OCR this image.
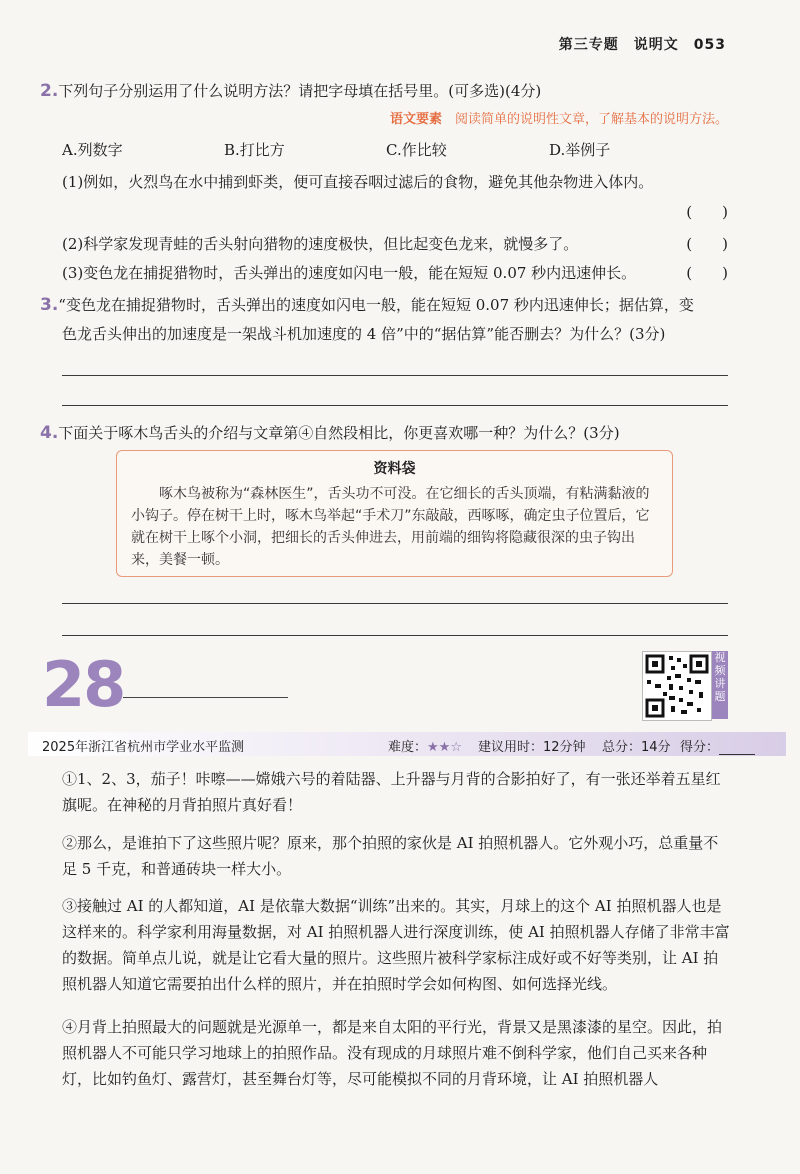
第三专题　说明文　053
2.下列句子分别运用了什么说明方法？请把字母填在括号里。(可多选)(4分)
语文要素　 阅读简单的说明性文章，了解基本的说明方法。
A.列数字	B.打比方	C.作比较	D.举例子
(1)例如，火烈鸟在水中捕到虾类，便可直接吞咽过滤后的食物，避免其他杂物进入体内。
(　　)
(2)科学家发现青蛙的舌头射向猎物的速度极快，但比起变色龙来，就慢多了。	(　　)
(3)变色龙在捕捉猎物时，舌头弹出的速度如闪电一般，能在短短 0.07 秒内迅速伸长。	(　　)
3.“变色龙在捕捉猎物时，舌头弹出的速度如闪电一般，能在短短 0.07 秒内迅速伸长；据估算，变
色龙舌头伸出的加速度是一架战斗机加速度的 4 倍”中的“据估算”能否删去？为什么？(3分)
4.下面关于啄木鸟舌头的介绍与文章第④自然段相比，你更喜欢哪一种？为什么？(3分)
资料袋
啄木鸟被称为“森林医生”，舌头功不可没。在它细长的舌头顶端，有粘满黏液的小钩子。停在树干上时，啄木鸟举起“手术刀”东敲敲，西啄啄，确定虫子位置后，它就在树干上啄个小洞，把细长的舌头伸进去，用前端的细钩将隐藏很深的虫子钩出来，美餐一顿。
28	视频讲题
2025年浙江省杭州市学业水平监测	难度：★★☆ 建议用时：12分钟 总分：14分 得分：
①1、2、3，茄子！咔嚓——嫦娥六号的着陆器、上升器与月背的合影拍好了，有一张还举着五星红旗呢。在神秘的月背拍照片真好看！
②那么，是谁拍下了这些照片呢？原来，那个拍照的家伙是 AI 拍照机器人。它外观小巧，总重量不足 5 千克，和普通砖块一样大小。
③接触过 AI 的人都知道，AI 是依靠大数据“训练”出来的。其实，月球上的这个 AI 拍照机器人也是这样来的。科学家利用海量数据，对 AI 拍照机器人进行深度训练，使 AI 拍照机器人存储了非常丰富的数据。简单点儿说，就是让它看大量的照片。这些照片被科学家标注成好或不好等类别，让 AI 拍照机器人知道它需要拍出什么样的照片，并在拍照时学会如何构图、如何选择光线。
④月背上拍照最大的问题就是光源单一，都是来自太阳的平行光，背景又是黑漆漆的星空。因此，拍照机器人不可能只学习地球上的拍照作品。没有现成的月球照片难不倒科学家，他们自己买来各种灯，比如钓鱼灯、露营灯，甚至舞台灯等，尽可能模拟不同的月背环境，让 AI 拍照机器人
